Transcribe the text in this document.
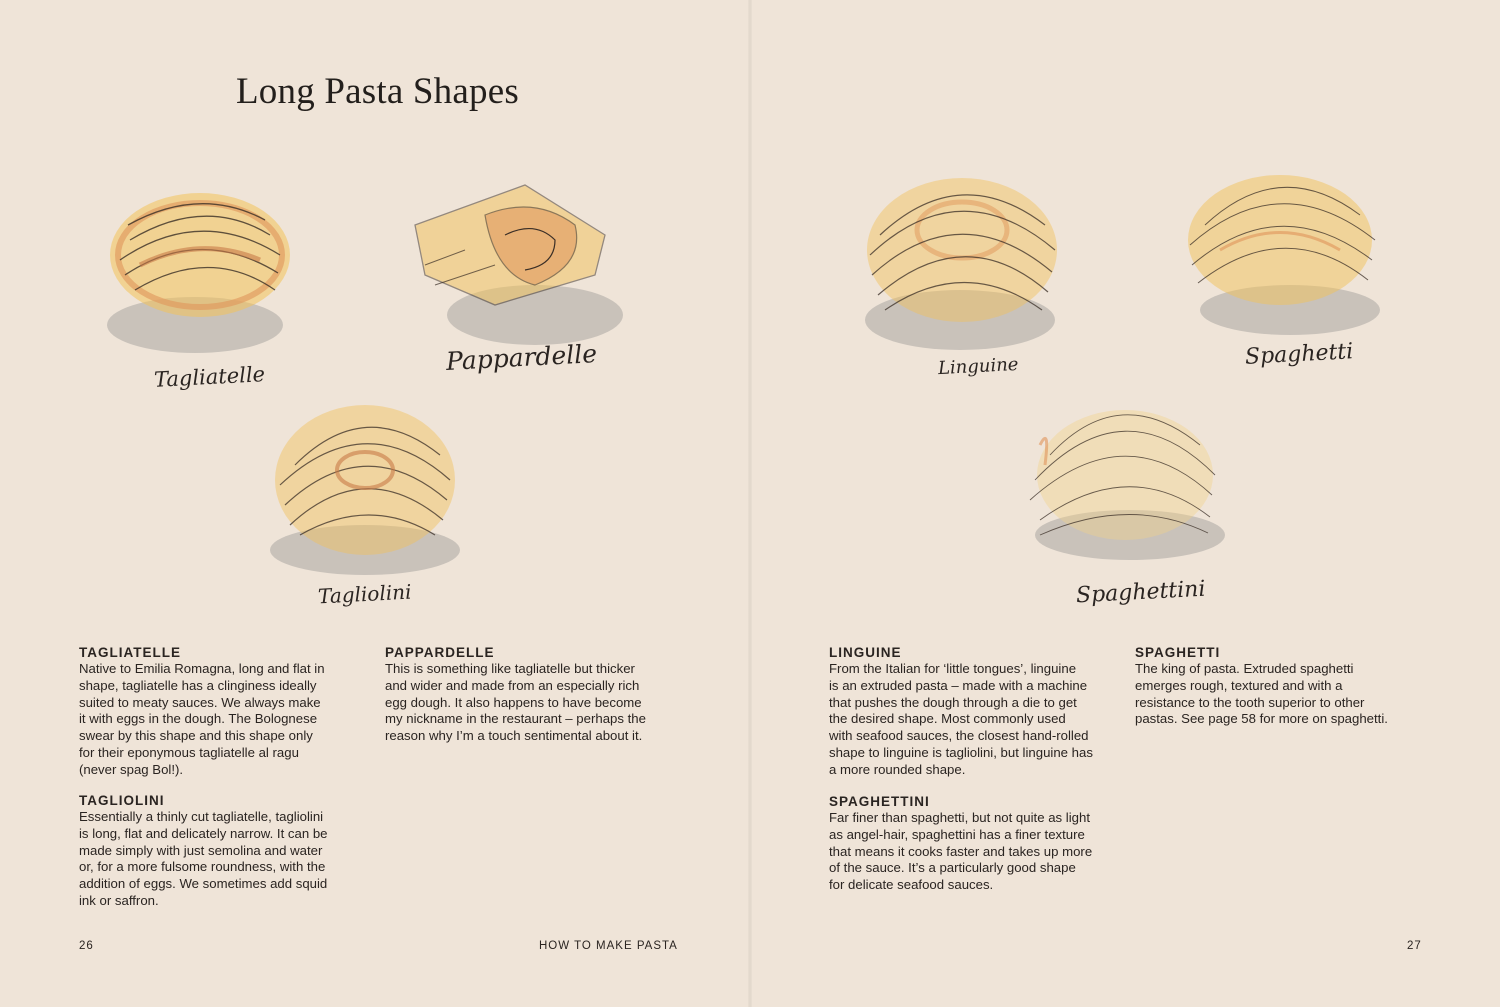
Long Pasta Shapes
Tagliatelle
Pappardelle
Tagliolini
Linguine	Spaghetti
Spaghettini
TAGLIATELLE

Native to Emilia Romagna, long and flat in

shape, tagliatelle has a clinginess ideally

suited to meaty sauces. We always make

it with eggs in the dough. The Bolognese

swear by this shape and this shape only

for their eponymous tagliatelle al ragu

(never spag Bol!).

TAGLIOLINI

Essentially a thinly cut tagliatelle, tagliolini

is long, flat and delicately narrow. It can be

made simply with just semolina and water

or, for a more fulsome roundness, with the

addition of eggs. We sometimes add squid

ink or saffron.

PAPPARDELLE

This is something like tagliatelle but thicker

and wider and made from an especially rich

egg dough. It also happens to have become

my nickname in the restaurant – perhaps the

reason why I’m a touch sentimental about it.

LINGUINE

From the Italian for ‘little tongues’, linguine

is an extruded pasta – made with a machine

that pushes the dough through a die to get

the desired shape. Most commonly used

with seafood sauces, the closest hand-rolled

shape to linguine is tagliolini, but linguine has

a more rounded shape.

SPAGHETTINI

Far finer than spaghetti, but not quite as light

as angel-hair, spaghettini has a finer texture

that means it cooks faster and takes up more

of the sauce. It’s a particularly good shape

for delicate seafood sauces.

SPAGHETTI

The king of pasta. Extruded spaghetti

emerges rough, textured and with a

resistance to the tooth superior to other

pastas. See page 58 for more on spaghetti.

26	HOW TO MAKE PASTA	27
